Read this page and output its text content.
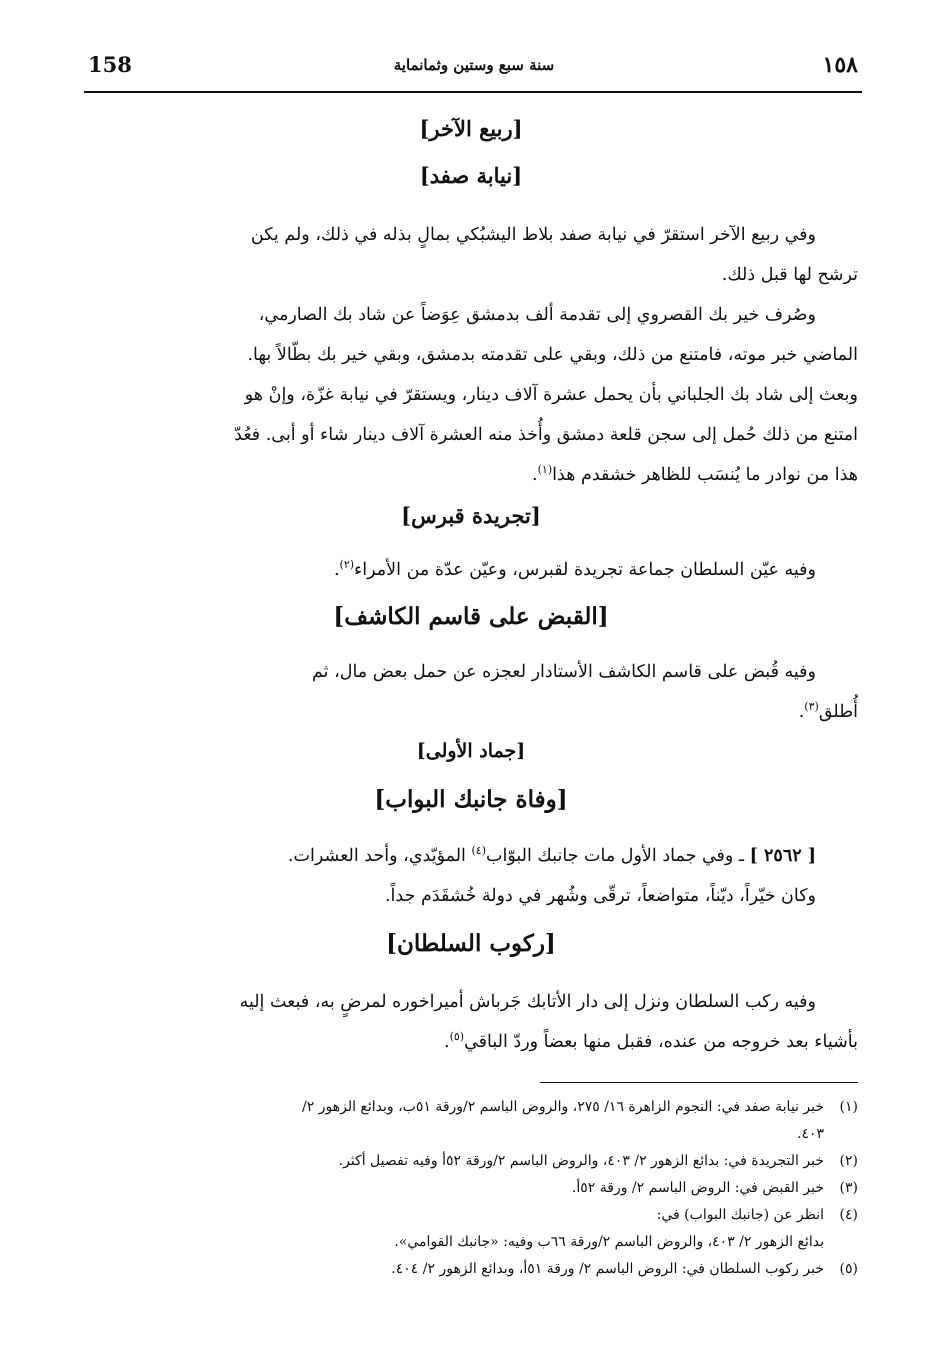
158	سنة سبع وستين وثمانماية	١٥٨
[ربيع الآخر]
[نيابة صفد]
وفي ربيع الآخر استقرّ في نيابة صفد بلاط اليشبُكي بمالٍ بذله في ذلك، ولم يكن
ترشح لها قبل ذلك.
وصُرف خير بك القصروي إلى تقدمة ألف بدمشق عِوَضاً عن شاد بك الصارمي،
الماضي خبر موته، فامتنع من ذلك، وبقي على تقدمته بدمشق، وبقي خير بك بطّالاً بها.
وبعث إلى شاد بك الجلباني بأن يحمل عشرة آلاف دينار، ويستقرّ في نيابة غزّة، وإنْ هو
امتنع من ذلك حُمل إلى سجن قلعة دمشق وأُخذ منه العشرة آلاف دينار شاء أو أبى. فعُدّ
هذا من نوادر ما يُنسَب للظاهر خشقدم هذا$^{(١)}$.
[تجريدة قبرس]
وفيه عيّن السلطان جماعة تجريدة لقبرس، وعيّن عدّة من الأمراء$^{(٢)}$.
[القبض على قاسم الكاشف]
وفيه قُبض على قاسم الكاشف الأستادار لعجزه عن حمل بعض مال، ثم
أُطلق$^{(٣)}$.
[جماد الأولى]
[وفاة جانبك البواب]
[ ٢٥٦٢ ] ـ وفي جماد الأول مات جانبك البوّاب$^{(٤)}$ المؤيّدي، وأحد العشرات.
وكان خيّراً، ديّناً، متواضعاً، ترقّى وشُهر في دولة خُشقَدَم جداً.
[ركوب السلطان]
وفيه ركب السلطان ونزل إلى دار الأتابك جَرباش أميراخوره لمرضٍ به، فبعث إليه
بأشياء بعد خروجه من عنده، فقبل منها بعضاً وردّ الباقي$^{(٥)}$.
(١)خبر نيابة صفد في: النجوم الزاهرة ١٦/ ٢٧٥، والروض الباسم ٢/ورقة ٥١ب، وبدائع الزهور ٢/
٤٠٣.
(٢)خبر التجريدة في: بدائع الزهور ٢/ ٤٠٣، والروض الباسم ٢/ورقة ٥٢أ وفيه تفصيل أكثر.
(٣)خبر القبض في: الروض الباسم ٢/ ورقة ٥٢أ.
(٤)انظر عن (جانبك البواب) في:
بدائع الزهور ٢/ ٤٠٣، والروض الباسم ٢/ورقة ٦٦ب وفيه: «جانبك القوامي».
(٥)خبر ركوب السلطان في: الروض الباسم ٢/ ورقة ٥١أ، وبدائع الزهور ٢/ ٤٠٤.
